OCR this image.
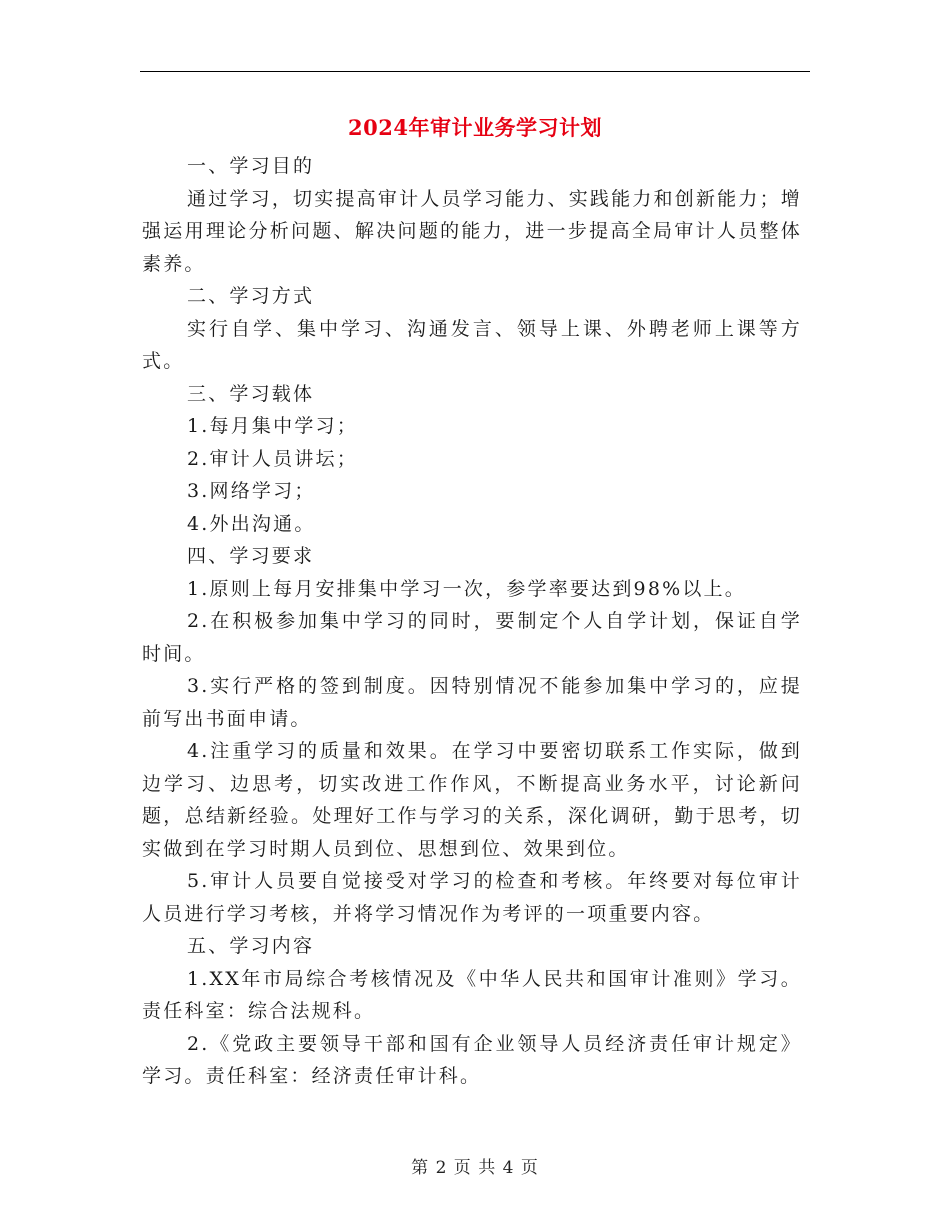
2024年审计业务学习计划

一、学习目的

通过学习，切实提高审计人员学习能力、实践能力和创新能力；增强运用理论分析问题、解决问题的能力，进一步提高全局审计人员整体素养。

二、学习方式

实行自学、集中学习、沟通发言、领导上课、外聘老师上课等方式。

三、学习载体

1.每月集中学习；

2.审计人员讲坛；

3.网络学习；

4.外出沟通。

四、学习要求

1.原则上每月安排集中学习一次，参学率要达到98%以上。

2.在积极参加集中学习的同时，要制定个人自学计划，保证自学时间。

3.实行严格的签到制度。因特别情况不能参加集中学习的，应提前写出书面申请。

4.注重学习的质量和效果。在学习中要密切联系工作实际，做到边学习、边思考，切实改进工作作风，不断提高业务水平，讨论新问题，总结新经验。处理好工作与学习的关系，深化调研，勤于思考，切实做到在学习时期人员到位、思想到位、效果到位。

5.审计人员要自觉接受对学习的检查和考核。年终要对每位审计人员进行学习考核，并将学习情况作为考评的一项重要内容。

五、学习内容

1.XX年市局综合考核情况及《中华人民共和国审计准则》学习。责任科室：综合法规科。

2.《党政主要领导干部和国有企业领导人员经济责任审计规定》学习。责任科室：经济责任审计科。

第 2 页 共 4 页
